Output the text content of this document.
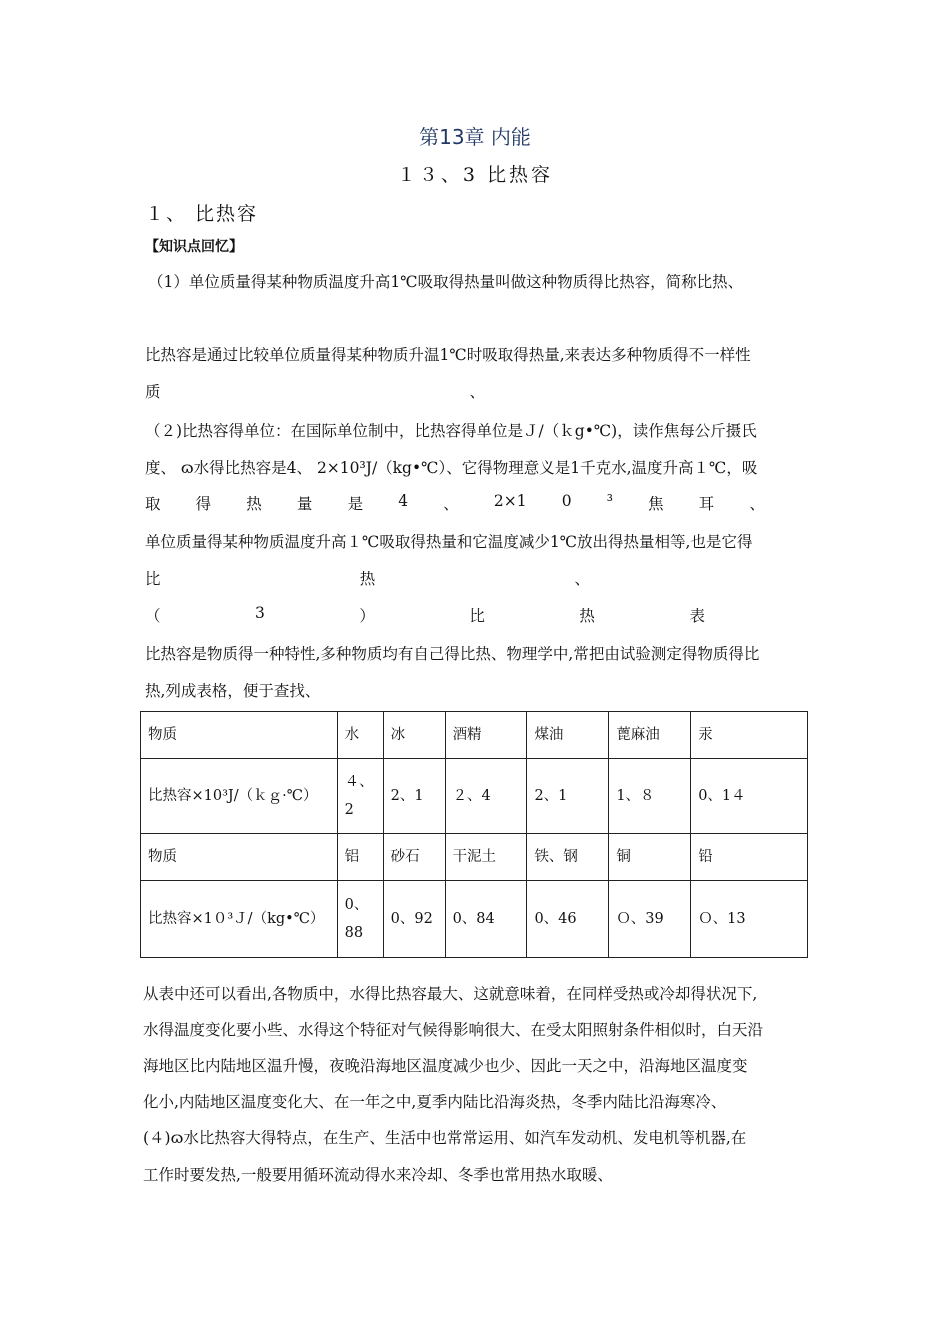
第13章 内能
１３、3 比热容
１、 比热容
【知识点回忆】
（1）单位质量得某种物质温度升高1℃吸取得热量叫做这种物质得比热容，简称比热、
比热容是通过比较单位质量得某种物质升温1℃时吸取得热量,来表达多种物质得不一样性
质	、
（２)比热容得单位：在国际单位制中，比热容得单位是Ｊ/（ｋg•℃)，读作焦每公斤摄氏
度、 ɷ水得比热容是4、 2×10³J/（kg•℃）、它得物理意义是1千克水,温度升高１℃，吸
取 得 热 量 是 4 、 2×1 0 ³ 焦 耳 、
单位质量得某种物质温度升高１℃吸取得热量和它温度减少1℃放出得热量相等,也是它得
比	热	、
（	3	）	比	热	表
比热容是物质得一种特性,多种物质均有自己得比热、物理学中,常把由试验测定得物质得比
热,列成表格，便于查找、
物质	水	冰	酒精	煤油	蓖麻油	汞
比热容×10³J/（ｋｇ·℃）	４、2	2、1	２、4	2、1	1、８	0、1４
物质	铝	砂石	干泥土	铁、钢	铜	铅
比热容×1０³Ｊ/（kg•℃）	0、88	0、92	0、84	0、46	Ｏ、39	Ｏ、13
从表中还可以看出,各物质中，水得比热容最大、这就意味着，在同样受热或冷却得状况下,
水得温度变化要小些、水得这个特征对气候得影响很大、在受太阳照射条件相似时，白天沿
海地区比内陆地区温升慢，夜晚沿海地区温度减少也少、因此一天之中，沿海地区温度变
化小,内陆地区温度变化大、在一年之中,夏季内陆比沿海炎热，冬季内陆比沿海寒冷、
(４)ɷ水比热容大得特点，在生产、生活中也常常运用、如汽车发动机、发电机等机器,在
工作时要发热,一般要用循环流动得水来冷却、冬季也常用热水取暖、
